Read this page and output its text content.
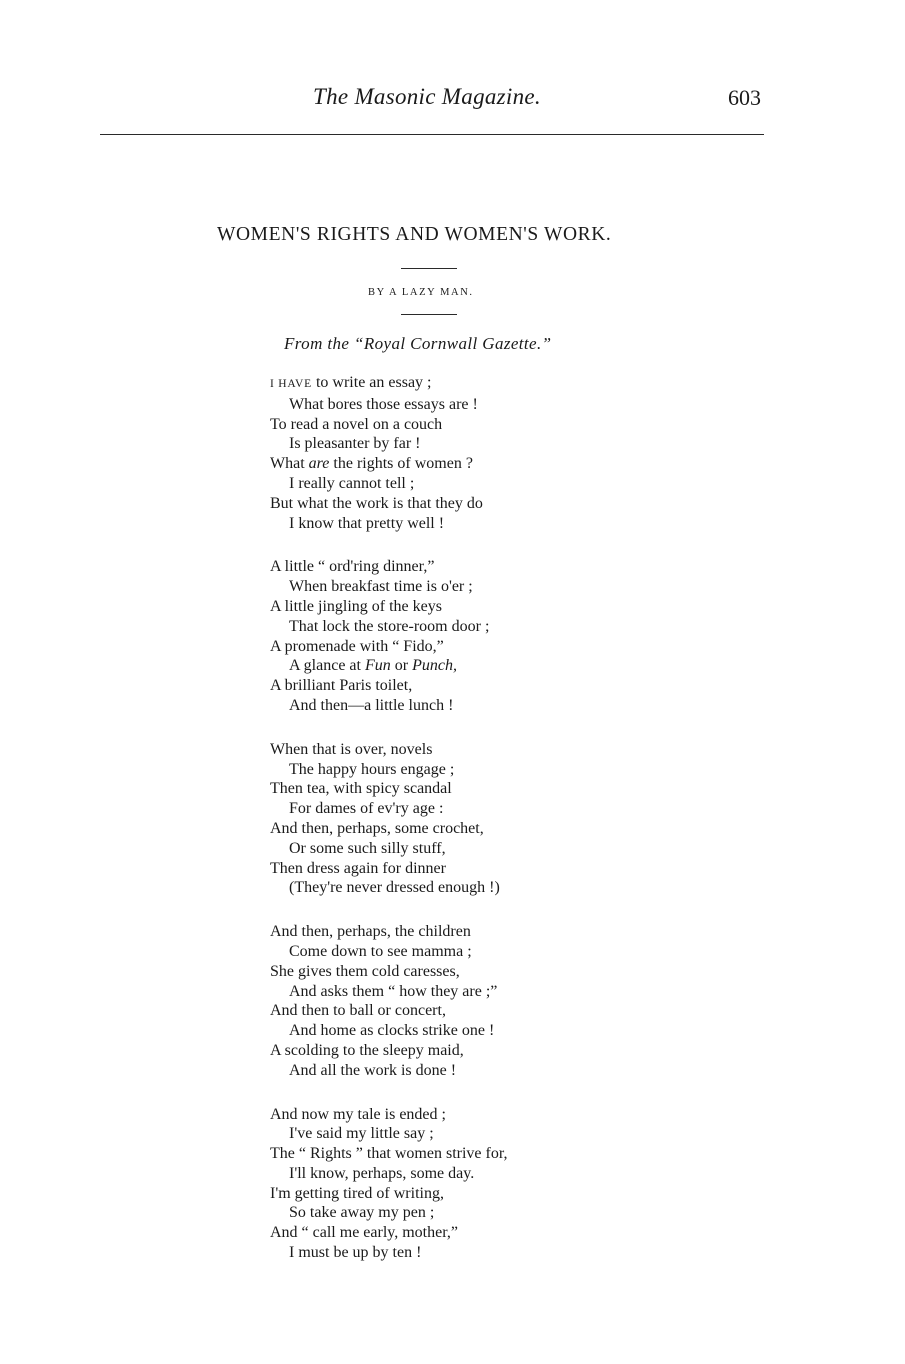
The Masonic Magazine.	603
WOMEN'S RIGHTS AND WOMEN'S WORK.
BY A LAZY MAN.
From the “Royal Cornwall Gazette.”
I HAVE to write an essay ;
What bores those essays are !
To read a novel on a couch
Is pleasanter by far !
What are the rights of women ?
I really cannot tell ;
But what the work is that they do
I know that pretty well !
A little “ ord'ring dinner,”
When breakfast time is o'er ;
A little jingling of the keys
That lock the store-room door ;
A promenade with “ Fido,”
A glance at Fun or Punch,
A brilliant Paris toilet,
And then—a little lunch !
When that is over, novels
The happy hours engage ;
Then tea, with spicy scandal
For dames of ev'ry age :
And then, perhaps, some crochet,
Or some such silly stuff,
Then dress again for dinner
(They're never dressed enough !)
And then, perhaps, the children
Come down to see mamma ;
She gives them cold caresses,
And asks them “ how they are ;”
And then to ball or concert,
And home as clocks strike one !
A scolding to the sleepy maid,
And all the work is done !
And now my tale is ended ;
I've said my little say ;
The “ Rights ” that women strive for,
I'll know, perhaps, some day.
I'm getting tired of writing,
So take away my pen ;
And “ call me early, mother,”
I must be up by ten !
